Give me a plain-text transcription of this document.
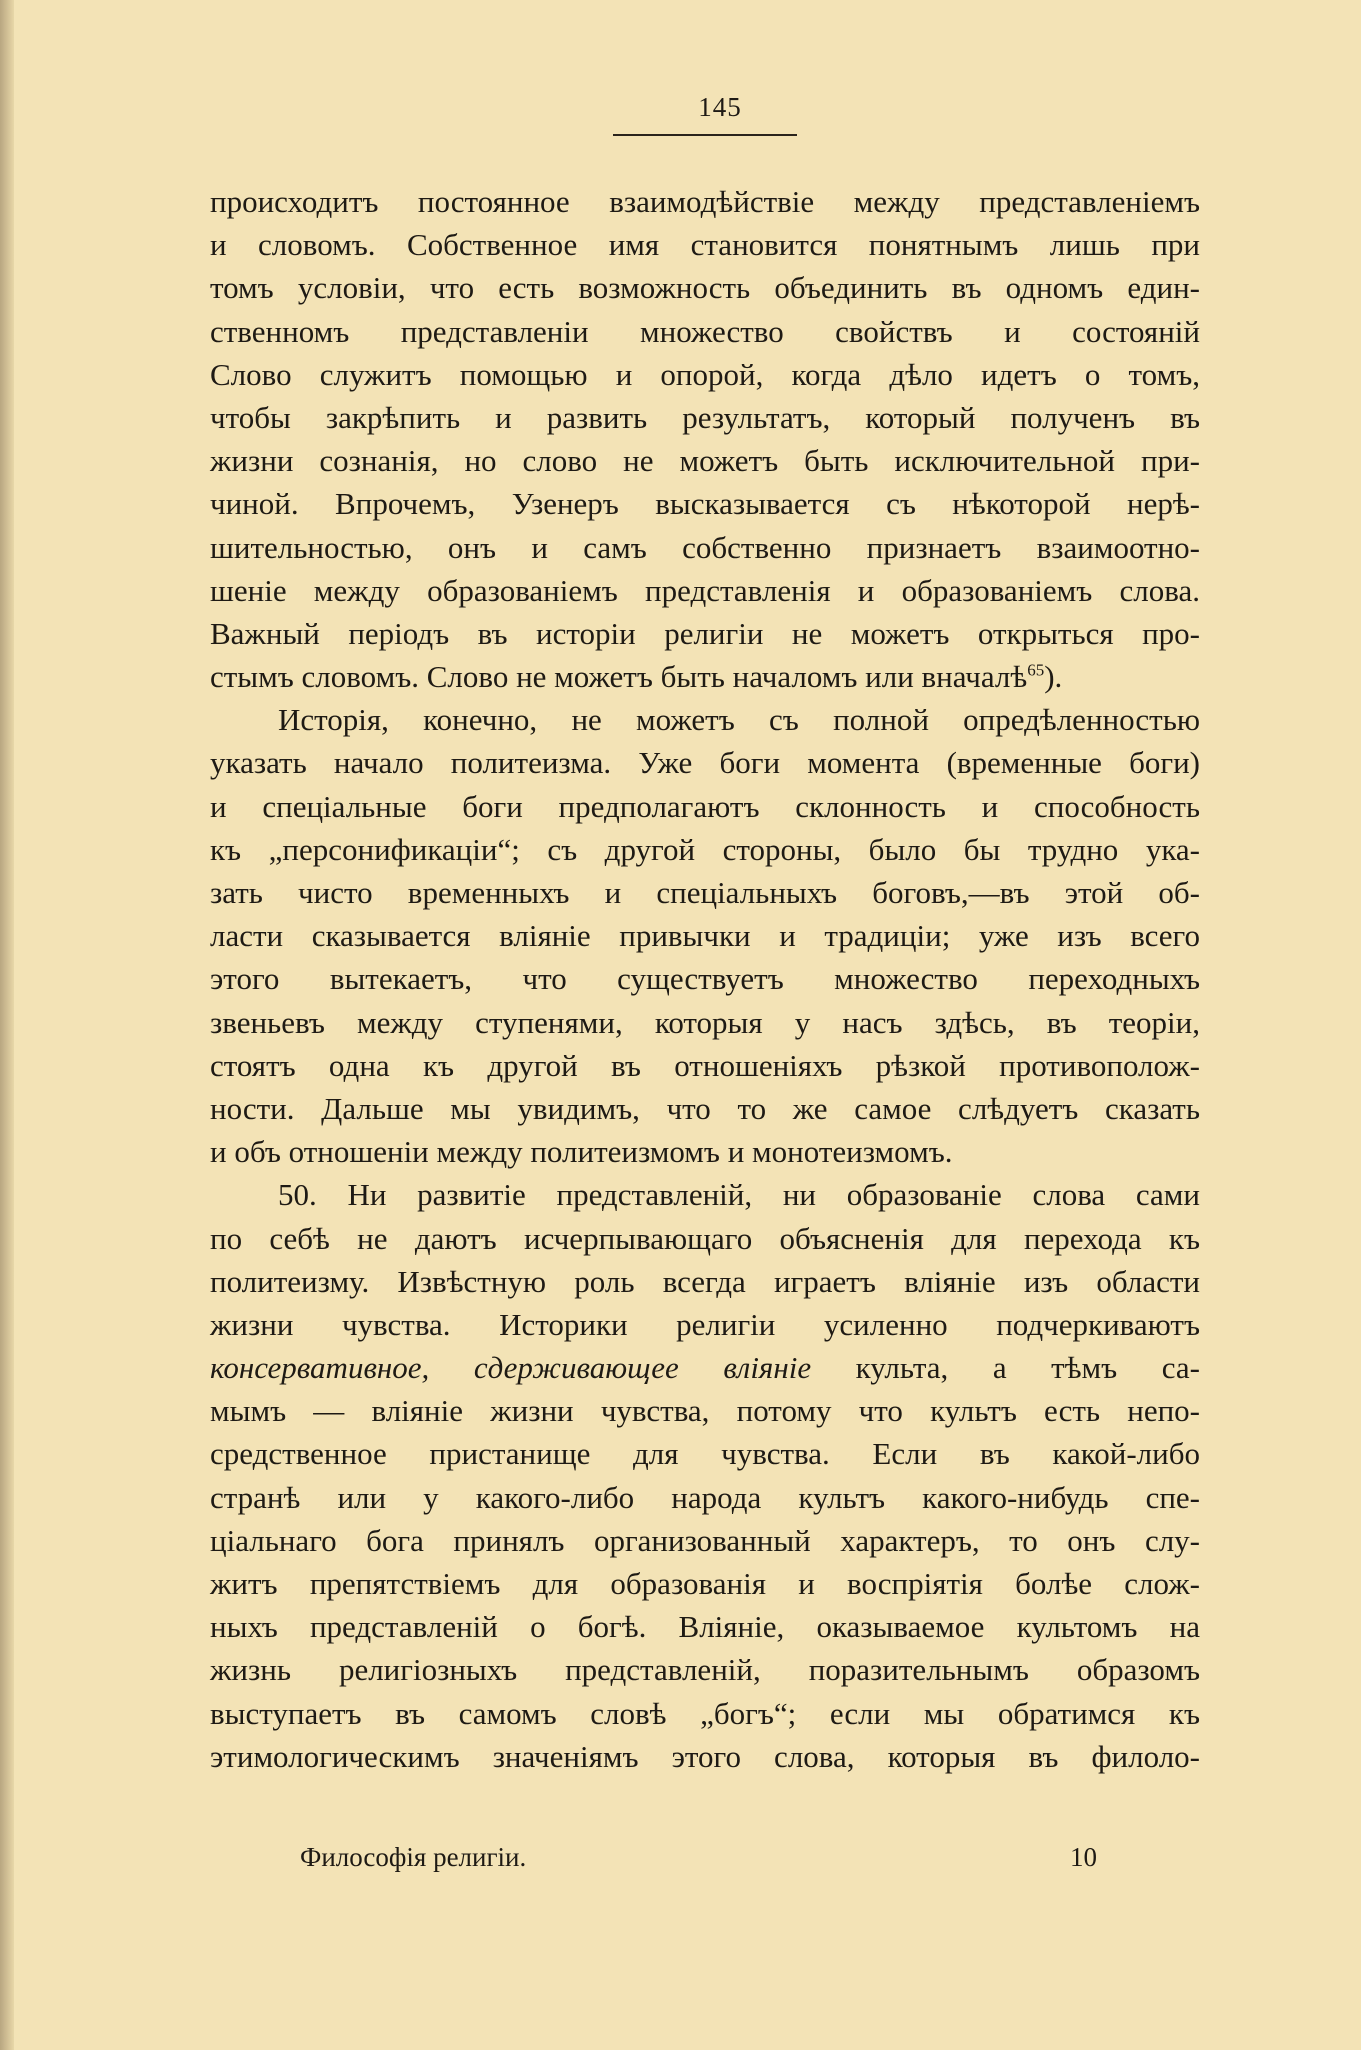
145
происходитъ постоянное взаимодѣйствіе между представленіемъ
и словомъ. Собственное имя становится понятнымъ лишь при
томъ условіи, что есть возможность объединить въ одномъ един-
ственномъ представленіи множество свойствъ и состояній
Слово служитъ помощью и опорой, когда дѣло идетъ о томъ,
чтобы закрѣпить и развить результатъ, который полученъ въ
жизни сознанія, но слово не можетъ быть исключительной при-
чиной. Впрочемъ, Узенеръ высказывается съ нѣкоторой нерѣ-
шительностью, онъ и самъ собственно признаетъ взаимоотно-
шеніе между образованіемъ представленія и образованіемъ слова.
Важный періодъ въ исторіи религіи не можетъ открыться про-
стымъ словомъ. Слово не можетъ быть началомъ или вначалѣ$^{65}$).
Исторія, конечно, не можетъ съ полной опредѣленностью
указать начало политеизма. Уже боги момента (временные боги)
и спеціальные боги предполагаютъ склонность и способность
къ „персонификаціи“; съ другой стороны, было бы трудно ука-
зать чисто временныхъ и спеціальныхъ боговъ,—въ этой об-
ласти сказывается вліяніе привычки и традиціи; уже изъ всего
этого вытекаетъ, что существуетъ множество переходныхъ
звеньевъ между ступенями, которыя у насъ здѣсь, въ теоріи,
стоятъ одна къ другой въ отношеніяхъ рѣзкой противополож-
ности. Дальше мы увидимъ, что то же самое слѣдуетъ сказать
и объ отношеніи между политеизмомъ и монотеизмомъ.
50. Ни развитіе представленій, ни образованіе слова сами
по себѣ не даютъ исчерпывающаго объясненія для перехода къ
политеизму. Извѣстную роль всегда играетъ вліяніе изъ области
жизни чувства. Историки религіи усиленно подчеркиваютъ
консервативное, сдерживающее вліяніе культа, а тѣмъ са-
мымъ — вліяніе жизни чувства, потому что культъ есть непо-
средственное пристанище для чувства. Если въ какой-либо
странѣ или у какого-либо народа культъ какого-нибудь спе-
ціальнаго бога принялъ организованный характеръ, то онъ слу-
житъ препятствіемъ для образованія и воспріятія болѣе слож-
ныхъ представленій о богѣ. Вліяніе, оказываемое культомъ на
жизнь религіозныхъ представленій, поразительнымъ образомъ
выступаетъ въ самомъ словѣ „богъ“; если мы обратимся къ
этимологическимъ значеніямъ этого слова, которыя въ филоло-
Философія религіи.	10
